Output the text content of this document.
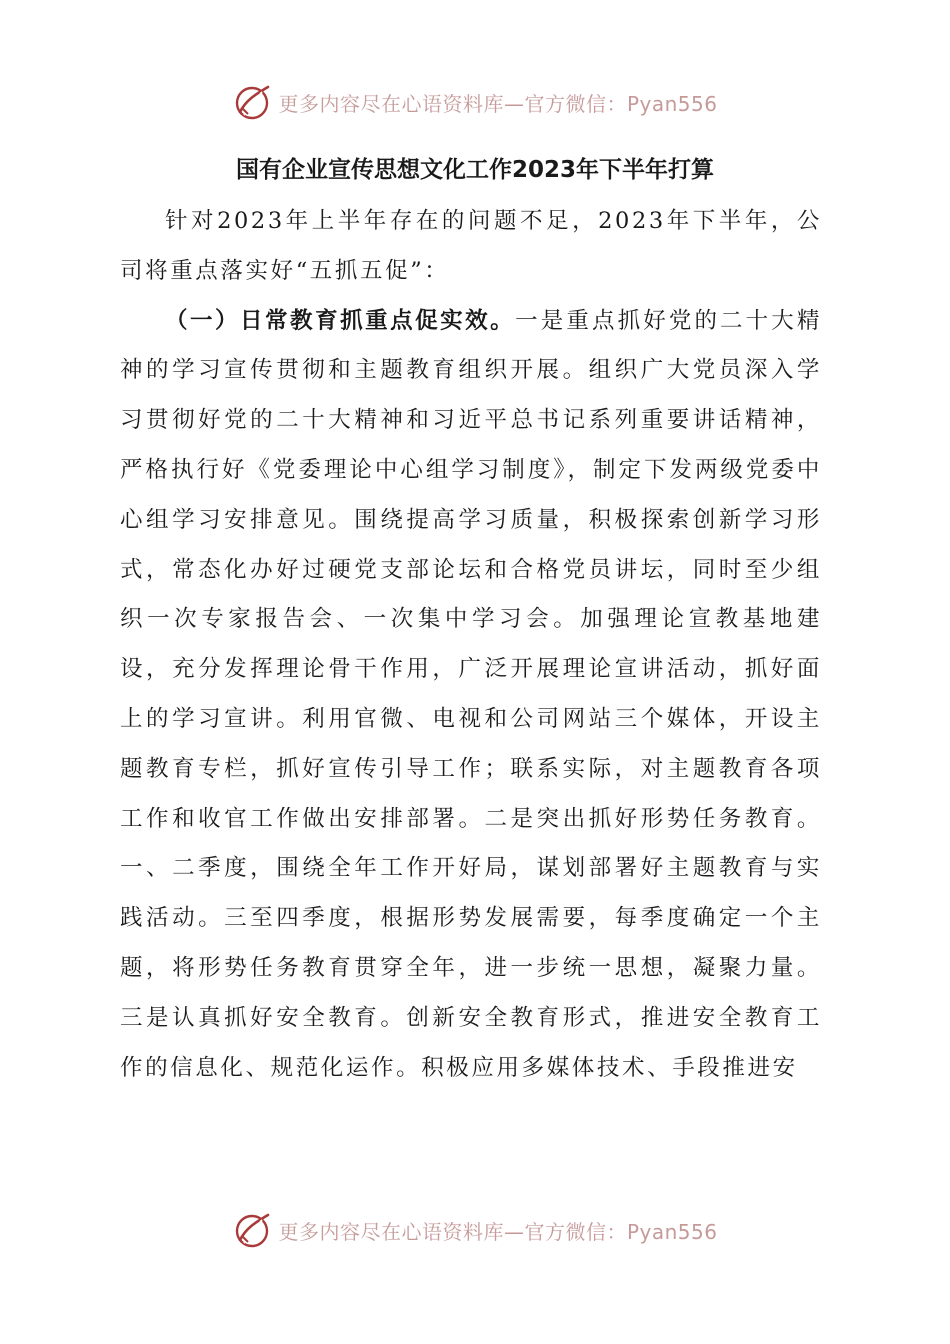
更多内容尽在心语资料库—官方微信：Pyan556
国有企业宣传思想文化工作2023年下半年打算

针对2023年上半年存在的问题不足，2023年下半年，公司将重点落实好“五抓五促”：

（一）日常教育抓重点促实效。一是重点抓好党的二十大精神的学习宣传贯彻和主题教育组织开展。组织广大党员深入学习贯彻好党的二十大精神和习近平总书记系列重要讲话精神，严格执行好《党委理论中心组学习制度》，制定下发两级党委中心组学习安排意见。围绕提高学习质量，积极探索创新学习形式，常态化办好过硬党支部论坛和合格党员讲坛，同时至少组织一次专家报告会、一次集中学习会。加强理论宣教基地建设，充分发挥理论骨干作用，广泛开展理论宣讲活动，抓好面上的学习宣讲。利用官微、电视和公司网站三个媒体，开设主题教育专栏，抓好宣传引导工作；联系实际，对主题教育各项工作和收官工作做出安排部署。二是突出抓好形势任务教育。一、二季度，围绕全年工作开好局，谋划部署好主题教育与实践活动。三至四季度，根据形势发展需要，每季度确定一个主题，将形势任务教育贯穿全年，进一步统一思想，凝聚力量。三是认真抓好安全教育。创新安全教育形式，推进安全教育工作的信息化、规范化运作。积极应用多媒体技术、手段推进安

更多内容尽在心语资料库—官方微信：Pyan556
